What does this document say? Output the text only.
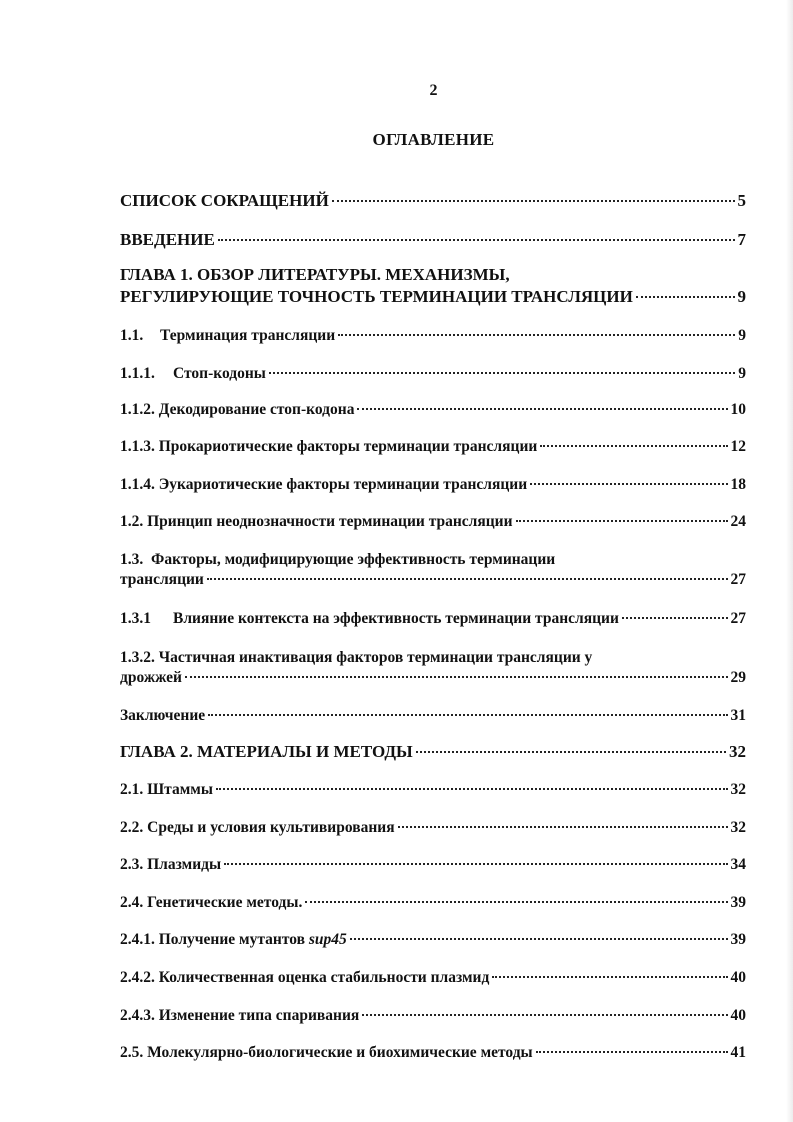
2
ОГЛАВЛЕНИЕ
СПИСОК СОКРАЩЕНИЙ	5
ВВЕДЕНИЕ	7
ГЛАВА 1. ОБЗОР ЛИТЕРАТУРЫ. МЕХАНИЗМЫ,
РЕГУЛИРУЮЩИЕ ТОЧНОСТЬ ТЕРМИНАЦИИ ТРАНСЛЯЦИИ	9
1.1. Терминация трансляции	9
1.1.1. Стоп-кодоны	9
1.1.2. Декодирование стоп-кодона	10
1.1.3. Прокариотические факторы терминации трансляции	12
1.1.4. Эукариотические факторы терминации трансляции	18
1.2. Принцип неоднозначности терминации трансляции	24
1.3.  Факторы, модифицирующие эффективность терминации
трансляции	27
1.3.1 Влияние контекста на эффективность терминации трансляции	27
1.3.2. Частичная инактивация факторов терминации трансляции у
дрожжей	29
Заключение	31
ГЛАВА 2. МАТЕРИАЛЫ И МЕТОДЫ	32
2.1. Штаммы	32
2.2. Среды и условия культивирования	32
2.3. Плазмиды	34
2.4. Генетические методы.	39
2.4.1. Получение мутантов sup45	39
2.4.2. Количественная оценка стабильности плазмид	40
2.4.3. Изменение типа спаривания	40
2.5. Молекулярно-биологические и биохимические методы	41
